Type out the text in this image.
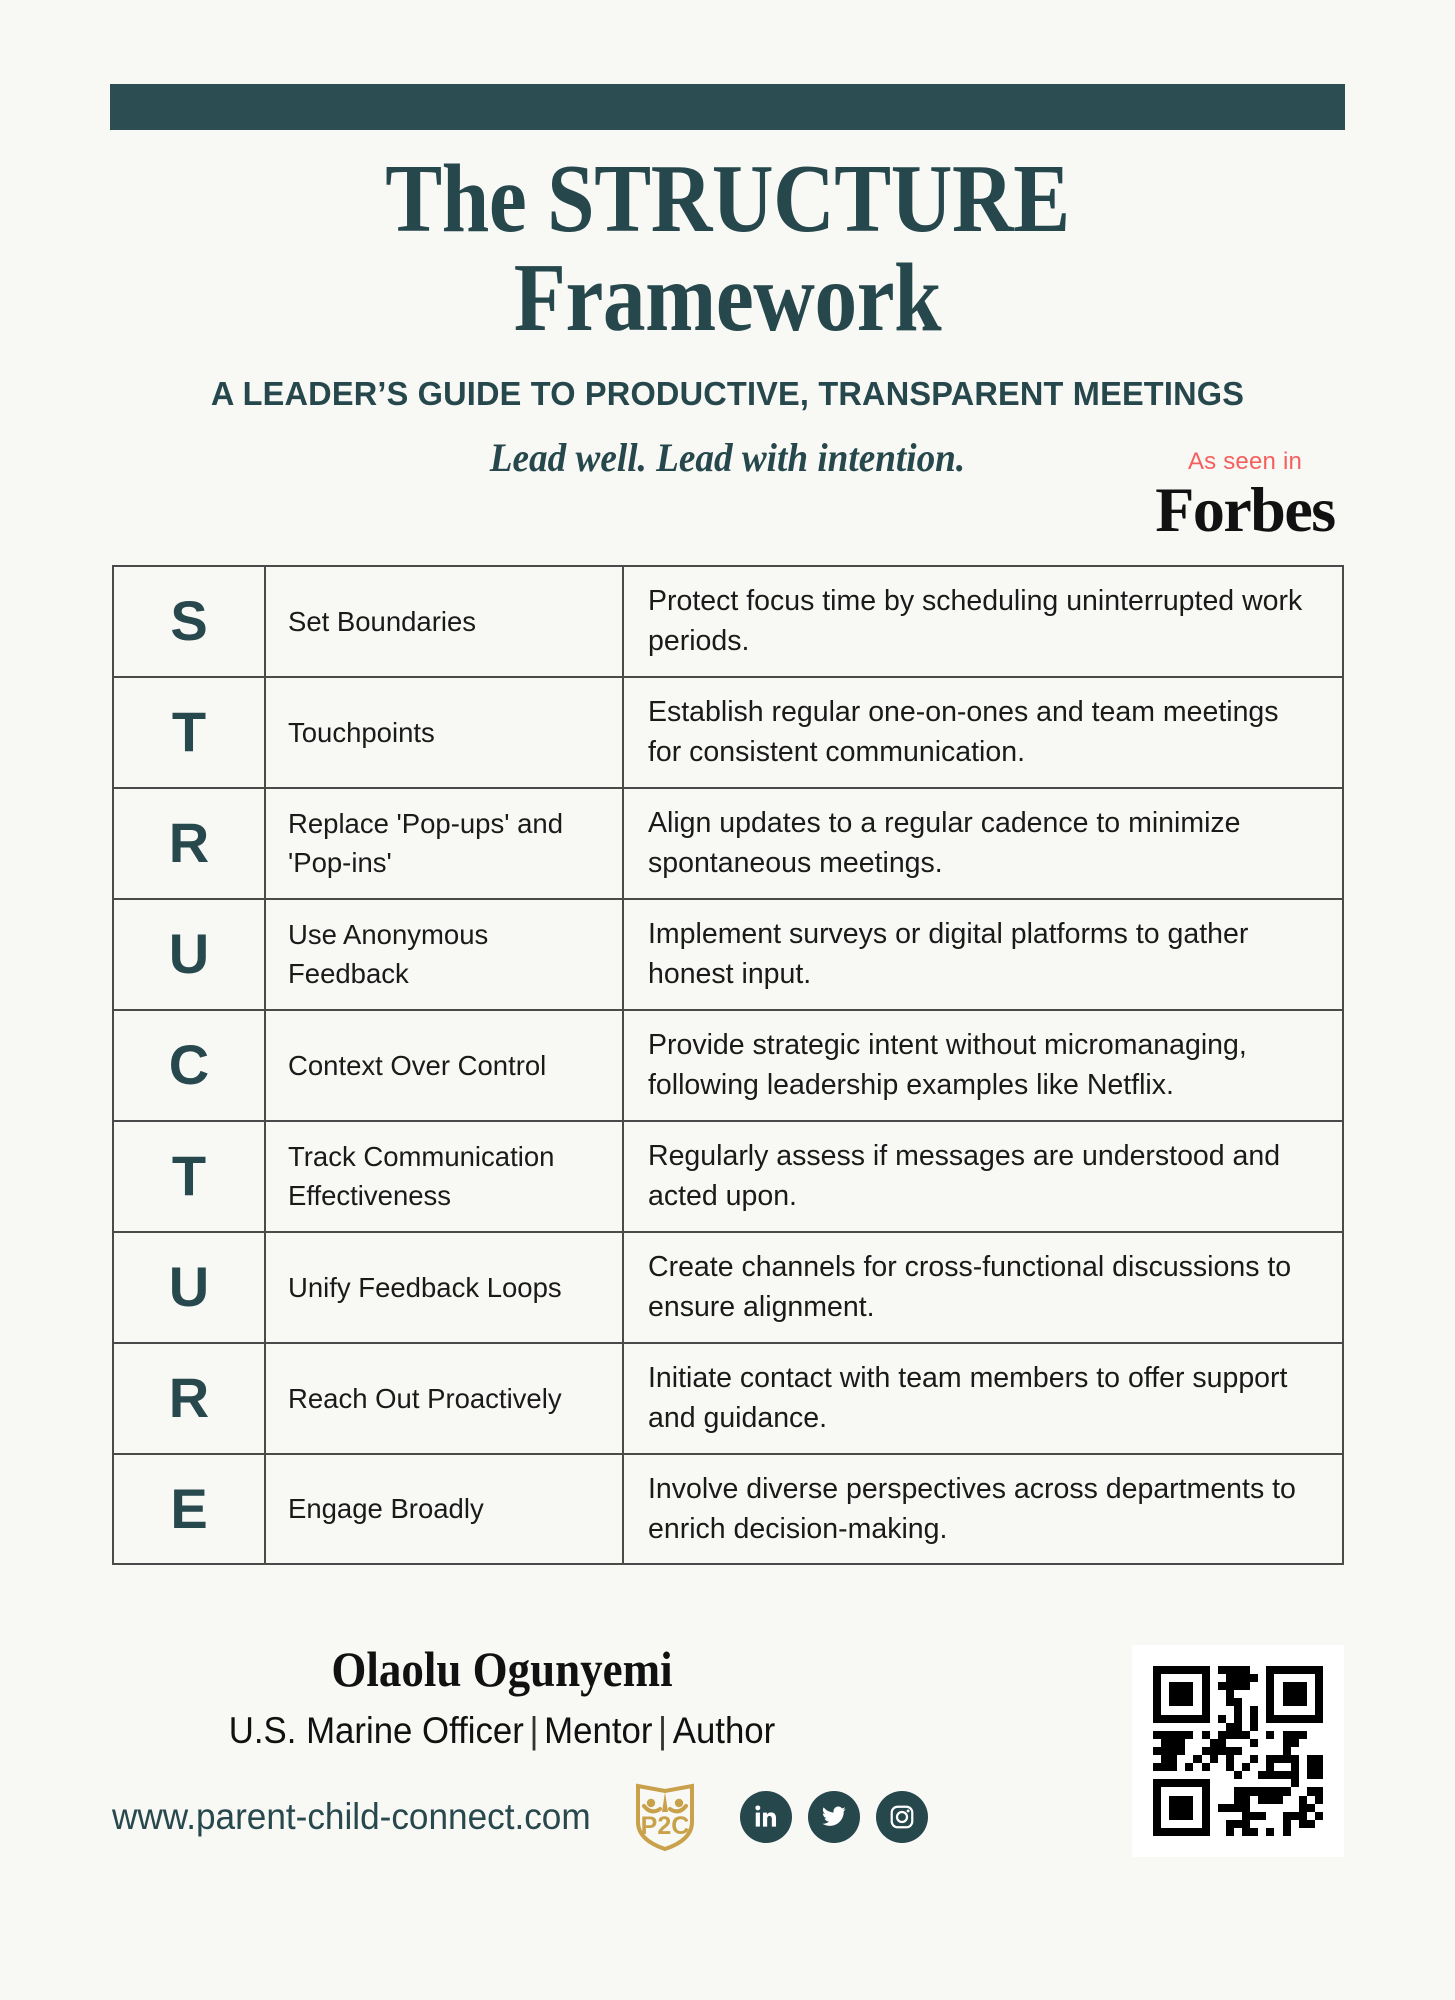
The STRUCTURE
Framework
A LEADER’S GUIDE TO PRODUCTIVE, TRANSPARENT MEETINGS
Lead well. Lead with intention.	As seen in
Forbes
S	Set Boundaries	Protect focus time by scheduling uninterrupted work periods.

T	Touchpoints	Establish regular one-on-ones and team meetings for consistent communication.

R	Replace 'Pop-ups' and 'Pop-ins'	Align updates to a regular cadence to minimize spontaneous meetings.

U	Use Anonymous Feedback	Implement surveys or digital platforms to gather honest input.

C	Context Over Control	Provide strategic intent without micromanaging, following leadership examples like Netflix.

T	Track Communication Effectiveness	Regularly assess if messages are understood and acted upon.

U	Unify Feedback Loops	Create channels for cross-functional discussions to ensure alignment.

R	Reach Out Proactively	Initiate contact with team members to offer support and guidance.

E	Engage Broadly	Involve diverse perspectives across departments to enrich decision-making.
Olaolu Ogunyemi
U.S. Marine Officer | Mentor | Author
www.parent-child-connect.com P2C
